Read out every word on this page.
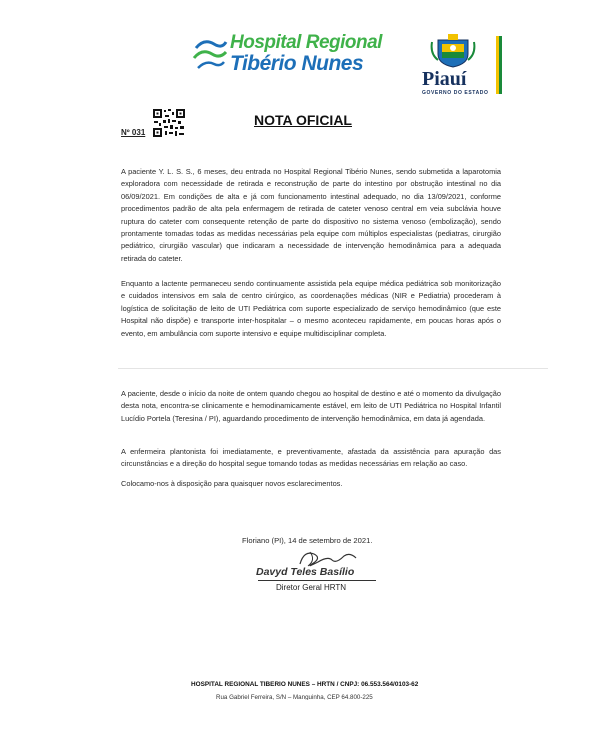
Hospital Regional
Tibério Nunes
Piauí
GOVERNO DO ESTADO
Nº 031
NOTA OFICIAL

A paciente Y. L. S. S., 6 meses, deu entrada no Hospital Regional Tibério Nunes, sendo submetida a laparotomia exploradora com necessidade de retirada e reconstrução de parte do intestino por obstrução intestinal no dia 06/09/2021. Em condições de alta e já com funcionamento intestinal adequado, no dia 13/09/2021, conforme procedimentos padrão de alta pela enfermagem de retirada de cateter venoso central em veia subclávia houve ruptura do cateter com consequente retenção de parte do dispositivo no sistema venoso (embolização), sendo prontamente tomadas todas as medidas necessárias pela equipe com múltiplos especialistas (pediatras, cirurgião pediátrico, cirurgião vascular) que indicaram a necessidade de intervenção hemodinâmica para a adequada retirada do cateter.

Enquanto a lactente permaneceu sendo continuamente assistida pela equipe médica pediátrica sob monitorização e cuidados intensivos em sala de centro cirúrgico, as coordenações médicas (NIR e Pediatria) procederam à logística de solicitação de leito de UTI Pediátrica com suporte especializado de serviço hemodinâmico (que este Hospital não dispõe) e transporte inter-hospitalar – o mesmo aconteceu rapidamente, em poucas horas após o evento, em ambulância com suporte intensivo e equipe multidisciplinar completa.

A paciente, desde o início da noite de ontem quando chegou ao hospital de destino e até o momento da divulgação desta nota, encontra-se clinicamente e hemodinamicamente estável, em leito de UTI Pediátrica no Hospital Infantil Lucídio Portela (Teresina / PI), aguardando procedimento de intervenção hemodinâmica, em data já agendada.

A enfermeira plantonista foi imediatamente, e preventivamente, afastada da assistência para apuração das circunstâncias e a direção do hospital segue tomando todas as medidas necessárias em relação ao caso.

Colocamo-nos à disposição para quaisquer novos esclarecimentos.

Floriano (PI), 14 de setembro de 2021.
Davyd Teles Basílio
Diretor Geral HRTN
HOSPITAL REGIONAL TIBERIO NUNES – HRTN / CNPJ: 06.553.564/0103-62
Rua Gabriel Ferreira, S/N – Manguinha, CEP 64.800-225
